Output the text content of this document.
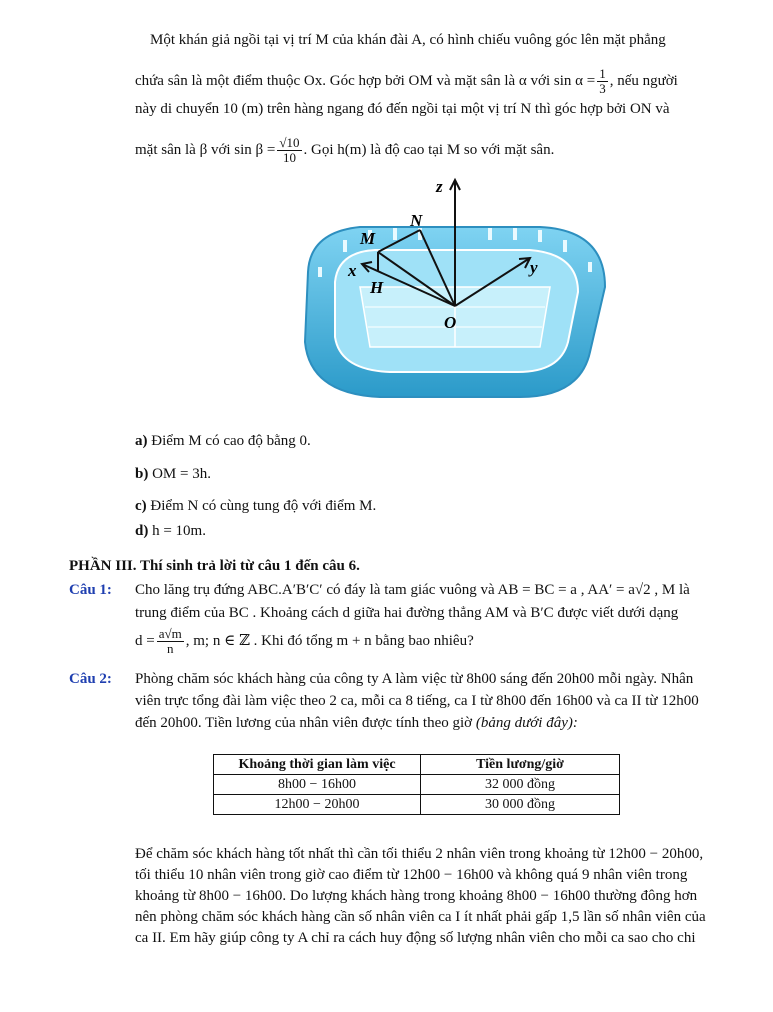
Một khán giả ngồi tại vị trí M của khán đài A, có hình chiếu vuông góc lên mặt phẳng
chứa sân là một điểm thuộc Ox. Góc hợp bởi OM và mặt sân là α với $\sin \alpha = \frac{1}{3}$ , nếu người
này di chuyển 10 (m) trên hàng ngang đó đến ngồi tại một vị trí N thì góc hợp bởi ON và
mặt sân là β với $\sin \beta = \frac{√10}{10}$ . Gọi h(m) là độ cao tại M so với mặt sân.
z
N
M
x
H
y
O
a) Điểm M có cao độ bằng 0.
b) OM = 3h.
c) Điểm N có cùng tung độ với điểm M.
d) h = 10m.
PHẦN III. Thí sinh trả lời từ câu 1 đến câu 6.
Câu 1: Cho lăng trụ đứng ABC.A′B′C′ có đáy là tam giác vuông và AB = BC = a , AA′ = a√2 , M là
trung điểm của BC . Khoảng cách d giữa hai đường thẳng AM và B′C được viết dưới dạng
$d = \frac{a√m}{n}$ , m; n ∈ ℤ . Khi đó tổng m + n bằng bao nhiêu?
Câu 2: Phòng chăm sóc khách hàng của công ty A làm việc từ 8h00 sáng đến 20h00 mỗi ngày. Nhân
viên trực tổng đài làm việc theo 2 ca, mỗi ca 8 tiếng, ca I từ 8h00 đến 16h00 và ca II từ 12h00
đến 20h00. Tiền lương của nhân viên được tính theo giờ (bảng dưới đây):
Khoảng thời gian làm việc	Tiền lương/giờ
8h00 − 16h00	32 000 đồng
12h00 − 20h00	30 000 đồng
Để chăm sóc khách hàng tốt nhất thì cần tối thiểu 2 nhân viên trong khoảng từ 12h00 − 20h00,
tối thiểu 10 nhân viên trong giờ cao điểm từ 12h00 − 16h00 và không quá 9 nhân viên trong
khoảng từ 8h00 − 16h00. Do lượng khách hàng trong khoảng 8h00 − 16h00 thường đông hơn
nên phòng chăm sóc khách hàng cần số nhân viên ca I ít nhất phải gấp 1,5 lần số nhân viên của
ca II. Em hãy giúp công ty A chỉ ra cách huy động số lượng nhân viên cho mỗi ca sao cho chi
